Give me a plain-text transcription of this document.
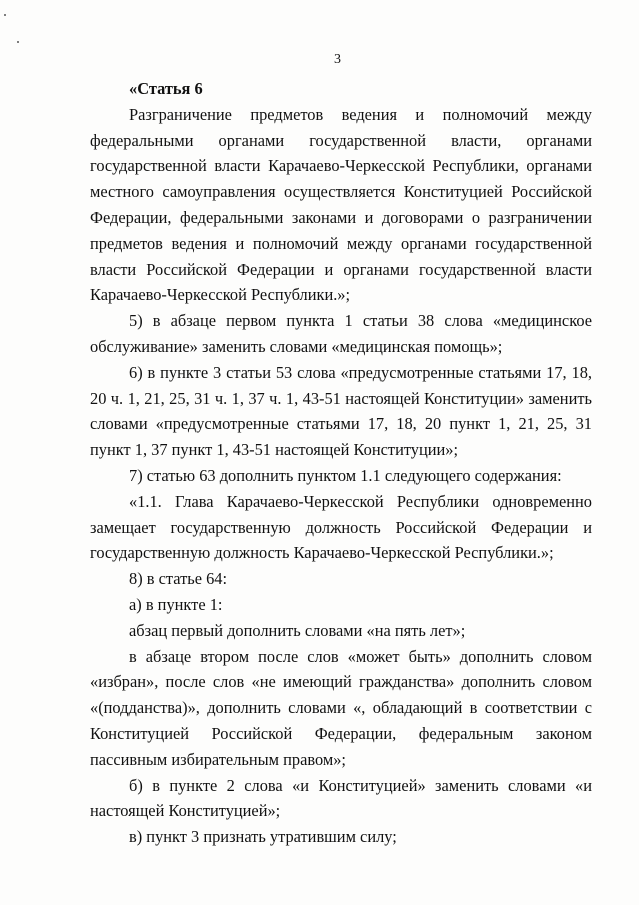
3

«Статья 6

Разграничение предметов ведения и полномочий между федеральными органами государственной власти, органами государственной власти Карачаево-Черкесской Республики, органами местного самоуправления осуществляется Конституцией Российской Федерации, федеральными законами и договорами о разграничении предметов ведения и полномочий между органами государственной власти Российской Федерации и органами государственной власти Карачаево-Черкесской Республики.»;

5) в абзаце первом пункта 1 статьи 38 слова «медицинское обслуживание» заменить словами «медицинская помощь»;

6) в пункте 3 статьи 53 слова «предусмотренные статьями 17, 18, 20 ч. 1, 21, 25, 31 ч. 1, 37 ч. 1, 43-51 настоящей Конституции» заменить словами «предусмотренные статьями 17, 18, 20 пункт 1, 21, 25, 31 пункт 1, 37 пункт 1, 43-51 настоящей Конституции»;

7) статью 63 дополнить пунктом 1.1 следующего содержания:

«1.1. Глава Карачаево-Черкесской Республики одновременно замещает государственную должность Российской Федерации и государственную должность Карачаево-Черкесской Республики.»;

8) в статье 64:

а) в пункте 1:

абзац первый дополнить словами «на пять лет»;

в абзаце втором после слов «может быть» дополнить словом «избран», после слов «не имеющий гражданства» дополнить словом «(подданства)», дополнить словами «, обладающий в соответствии с Конституцией Российской Федерации, федеральным законом пассивным избирательным правом»;

б) в пункте 2 слова «и Конституцией» заменить словами «и настоящей Конституцией»;

в) пункт 3 признать утратившим силу;
